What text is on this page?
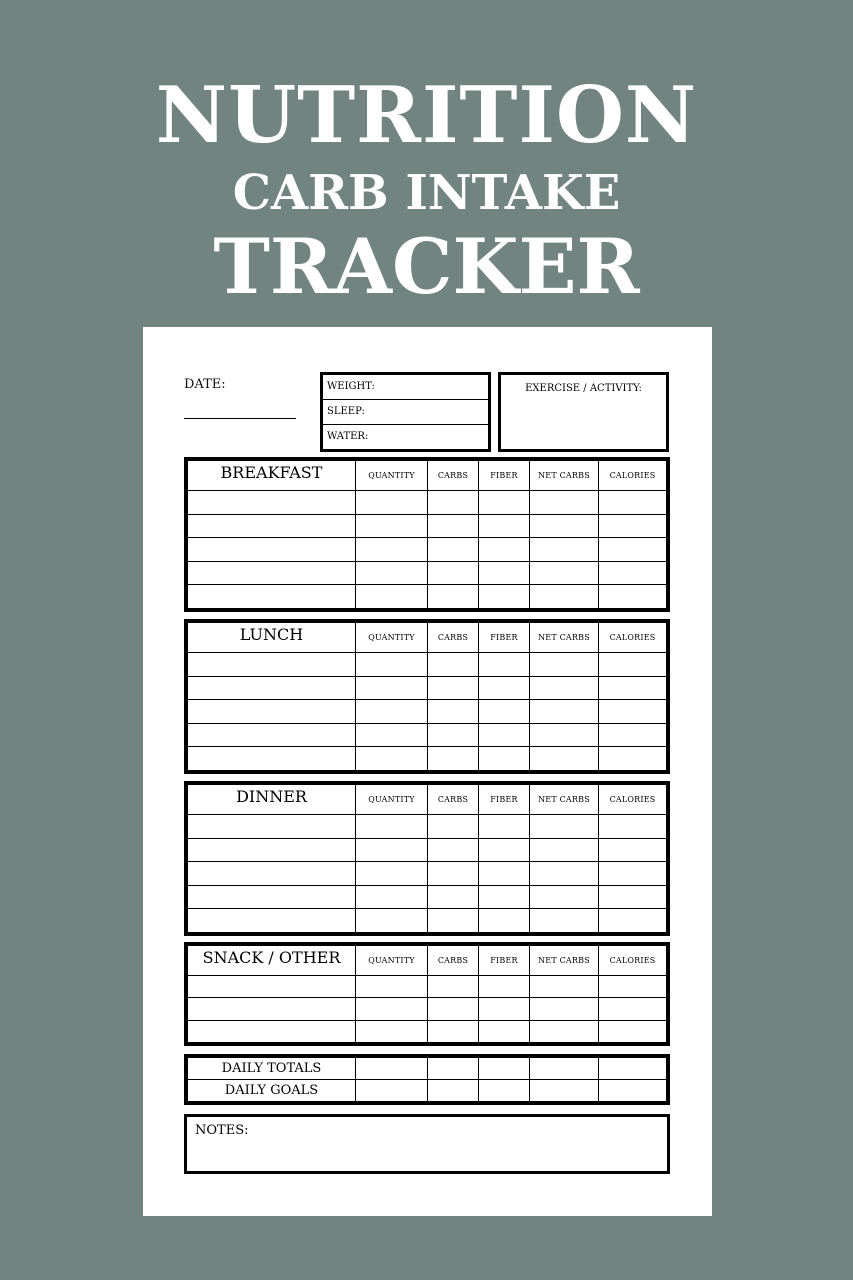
NUTRITION
CARB INTAKE
TRACKER
DATE:	WEIGHT:
SLEEP:
WATER:
EXERCISE / ACTIVITY:
BREAKFAST	QUANTITY	CARBS	FIBER	NET CARBS	CALORIES

LUNCH	QUANTITY	CARBS	FIBER	NET CARBS	CALORIES

DINNER	QUANTITY	CARBS	FIBER	NET CARBS	CALORIES

SNACK / OTHER	QUANTITY	CARBS	FIBER	NET CARBS	CALORIES

DAILY TOTALS					
DAILY GOALS					
NOTES:
